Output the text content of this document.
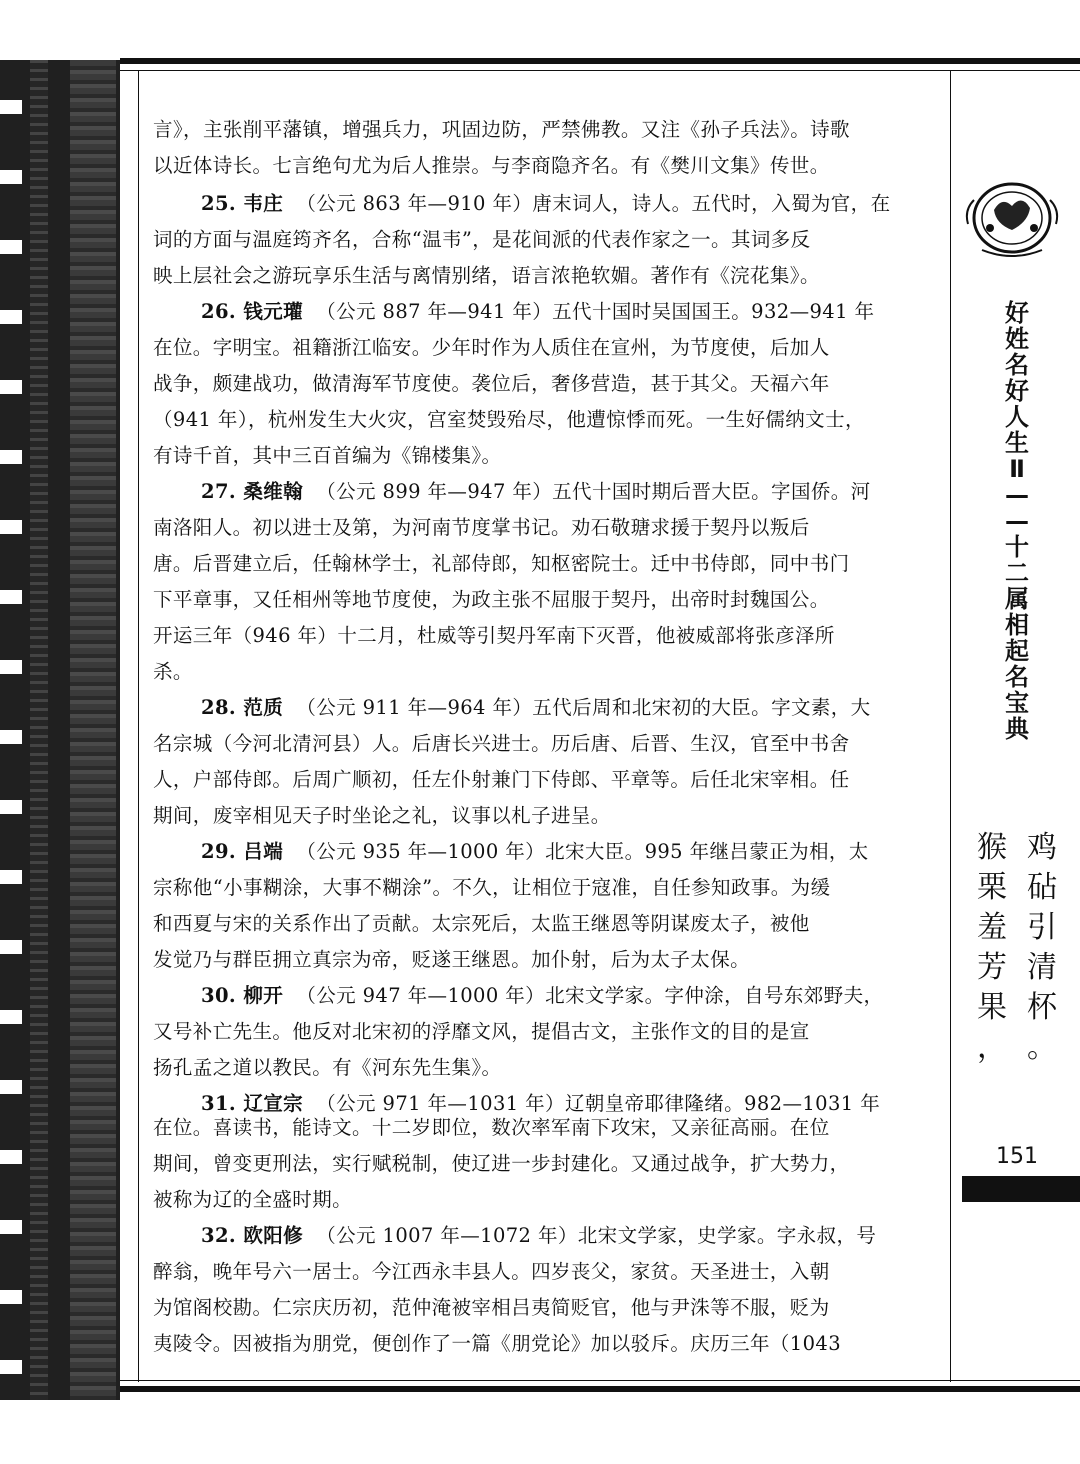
好
姓
名
好
人
生
Ⅱ
—
—
十
二
属
相
起
名
宝
典
鸡
砧
引
清
杯
。
猴
栗
羞
芳
果
，
151
言》，主张削平藩镇，增强兵力，巩固边防，严禁佛教。又注《孙子兵法》。诗歌
以近体诗长。七言绝句尤为后人推崇。与李商隐齐名。有《樊川文集》传世。
25. 韦庄 （公元 863 年—910 年）唐末词人，诗人。五代时，入蜀为官，在
词的方面与温庭筠齐名，合称“温韦”，是花间派的代表作家之一。其词多反
映上层社会之游玩享乐生活与离情别绪，语言浓艳软媚。著作有《浣花集》。
26. 钱元瓘 （公元 887 年—941 年）五代十国时吴国国王。932—941 年
在位。字明宝。祖籍浙江临安。少年时作为人质住在宣州，为节度使，后加人
战争，颇建战功，做清海军节度使。袭位后，奢侈营造，甚于其父。天福六年
（941 年），杭州发生大火灾，宫室焚毁殆尽，他遭惊悸而死。一生好儒纳文士，
有诗千首，其中三百首编为《锦楼集》。
27. 桑维翰 （公元 899 年—947 年）五代十国时期后晋大臣。字国侨。河
南洛阳人。初以进士及第，为河南节度掌书记。劝石敬瑭求援于契丹以叛后
唐。后晋建立后，任翰林学士，礼部侍郎，知枢密院士。迁中书侍郎，同中书门
下平章事，又任相州等地节度使，为政主张不屈服于契丹，出帝时封魏国公。
开运三年（946 年）十二月，杜威等引契丹军南下灭晋，他被威部将张彦泽所
杀。
28. 范质 （公元 911 年—964 年）五代后周和北宋初的大臣。字文素，大
名宗城（今河北清河县）人。后唐长兴进士。历后唐、后晋、生汉，官至中书舍
人，户部侍郎。后周广顺初，任左仆射兼门下侍郎、平章等。后任北宋宰相。任
期间，废宰相见天子时坐论之礼，议事以札子进呈。
29. 吕端 （公元 935 年—1000 年）北宋大臣。995 年继吕蒙正为相，太
宗称他“小事糊涂，大事不糊涂”。不久，让相位于寇准，自任参知政事。为缓
和西夏与宋的关系作出了贡献。太宗死后，太监王继恩等阴谋废太子，被他
发觉乃与群臣拥立真宗为帝，贬遂王继恩。加仆射，后为太子太保。
30. 柳开 （公元 947 年—1000 年）北宋文学家。字仲涂，自号东郊野夫，
又号补亡先生。他反对北宋初的浮靡文风，提倡古文，主张作文的目的是宣
扬孔孟之道以教民。有《河东先生集》。
31. 辽宣宗 （公元 971 年—1031 年）辽朝皇帝耶律隆绪。982—1031 年
在位。喜读书，能诗文。十二岁即位，数次率军南下攻宋，又亲征高丽。在位
期间，曾变更刑法，实行赋税制，使辽进一步封建化。又通过战争，扩大势力，
被称为辽的全盛时期。
32. 欧阳修 （公元 1007 年—1072 年）北宋文学家，史学家。字永叔，号
醉翁，晚年号六一居士。今江西永丰县人。四岁丧父，家贫。天圣进士，入朝
为馆阁校勘。仁宗庆历初，范仲淹被宰相吕夷简贬官，他与尹洙等不服，贬为
夷陵令。因被指为朋党，便创作了一篇《朋党论》加以驳斥。庆历三年（1043
